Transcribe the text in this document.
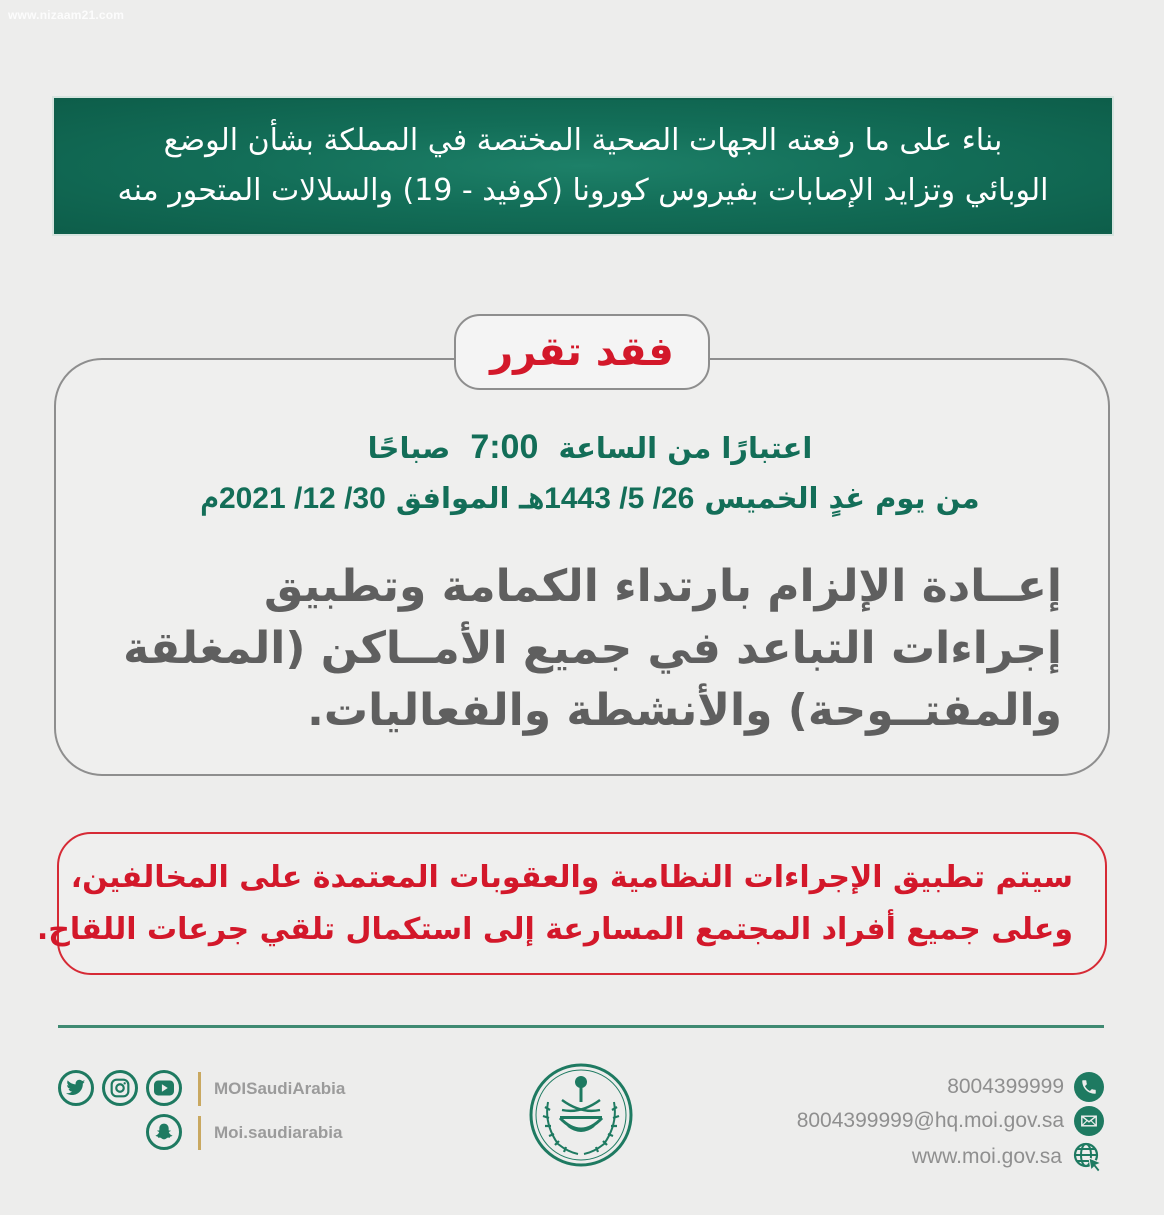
www.nizaam21.com
بناء على ما رفعته الجهات الصحية المختصة في المملكة بشأن الوضع
الوبائي وتزايد الإصابات بفيروس كورونا (كوفيد - 19) والسلالات المتحور منه
فقد تقرر
اعتبارًا من الساعة 7:00 صباحًا
من يوم غدٍ الخميس 26/ 5/ 1443هـ الموافق 30/ 12/ 2021م
إعــادة الإلزام بارتداء الكمامة وتطبيق إجراءات التباعد في جميع الأمــاكن (المغلقة والمفتــوحة) والأنشطة والفعاليات.
سيتم تطبيق الإجراءات النظامية والعقوبات المعتمدة على المخالفين،
وعلى جميع أفراد المجتمع المسارعة إلى استكمال تلقي جرعات اللقاح.
MOISaudiArabia
Moi.saudiarabia
8004399999
8004399999@hq.moi.gov.sa
www.moi.gov.sa
